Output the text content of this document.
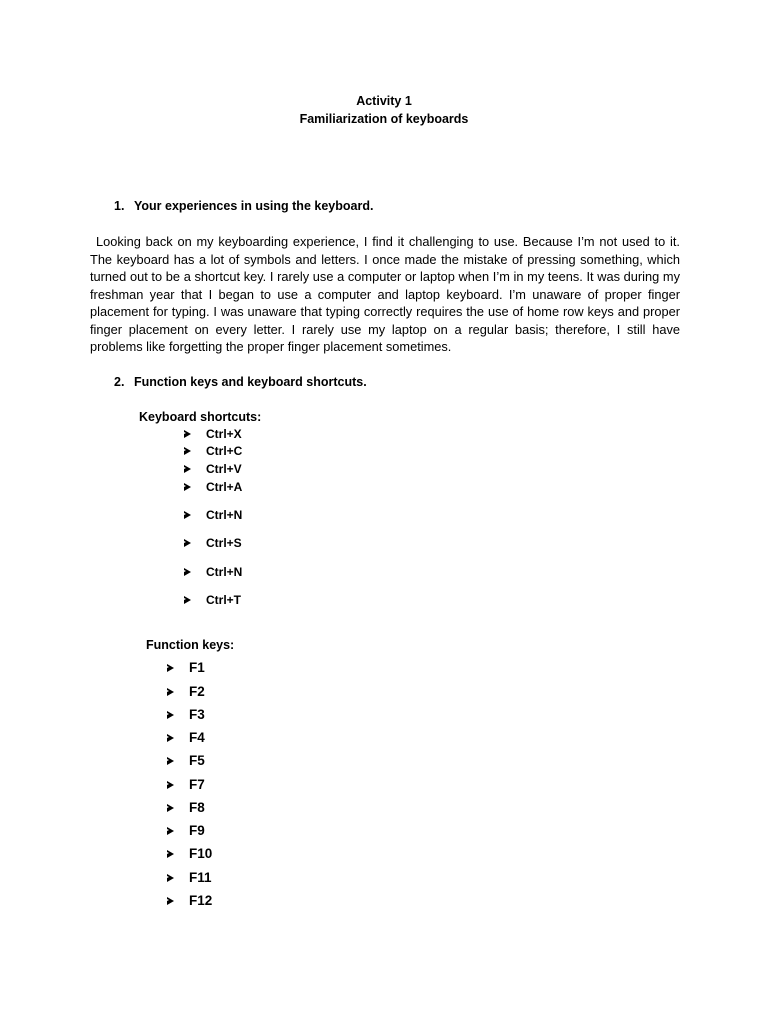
Activity 1
Familiarization of keyboards
1. Your experiences in using the keyboard.
Looking back on my keyboarding experience, I find it challenging to use. Because I’m not used to it. The keyboard has a lot of symbols and letters. I once made the mistake of pressing something, which turned out to be a shortcut key. I rarely use a computer or laptop when I’m in my teens. It was during my freshman year that I began to use a computer and laptop keyboard. I’m unaware of proper finger placement for typing. I was unaware that typing correctly requires the use of home row keys and proper finger placement on every letter. I rarely use my laptop on a regular basis; therefore, I still have problems like forgetting the proper finger placement sometimes.
2. Function keys and keyboard shortcuts.
Keyboard shortcuts:
Ctrl+X
Ctrl+C
Ctrl+V
Ctrl+A
Ctrl+N
Ctrl+S
Ctrl+N
Ctrl+T
Function keys:
F1
F2
F3
F4
F5
F7
F8
F9
F10
F11
F12
